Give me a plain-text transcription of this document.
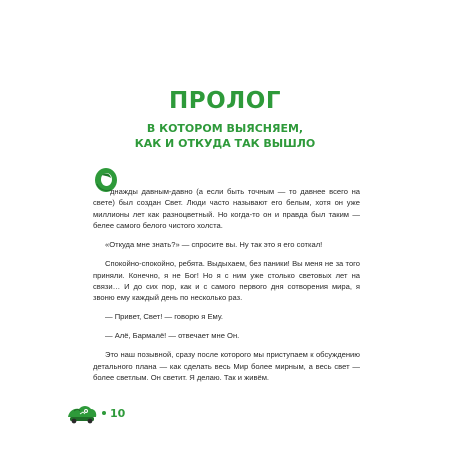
ПРОЛОГ
В КОТОРОМ ВЫЯСНЯЕМ,
КАК И ОТКУДА ТАК ВЫШЛО

днажды давным-давно (а если быть точным — то давнее всего на свете) был создан Свет. Люди часто называют его белым, хотя он уже миллионы лет как разноцветный. Но когда-то он и правда был таким — белее самого белого чистого холста.

«Откуда мне знать?» — спросите вы. Ну так это я его соткал!

Спокойно-спокойно, ребята. Выдыхаем, без паники! Вы меня не за того приняли. Конечно, я не Бог! Но я с ним уже столько световых лет на связи… И до сих пор, как и с самого первого дня сотворения мира, я звоню ему каждый день по несколько раз.

— Привет, Свет! — говорю я Ему.

— Алё, Бармалё! — отвечает мне Он.

Это наш позывной, сразу после которого мы приступаем к обсуждению детального плана — как сделать весь Мир более мирным, а весь свет — более светлым. Он светит. Я делаю. Так и живём.

10
